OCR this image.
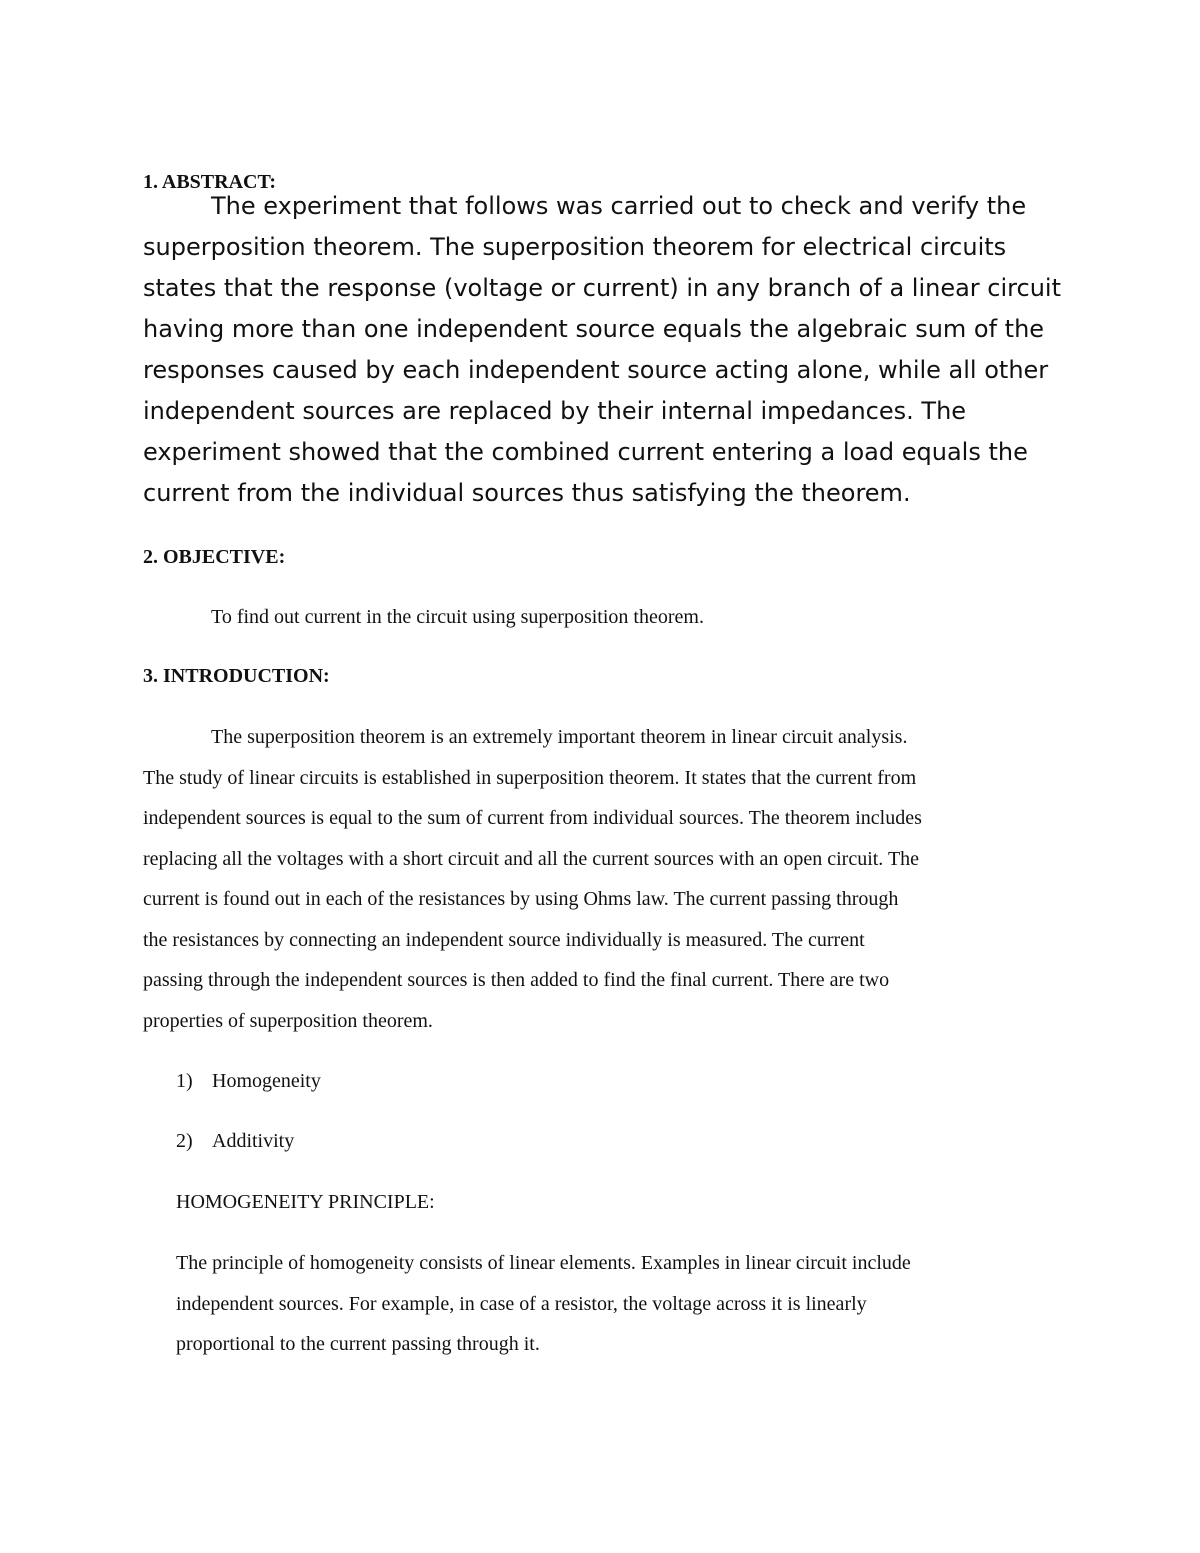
1. ABSTRACT:
The experiment that follows was carried out to check and verify the
superposition theorem. The superposition theorem for electrical circuits
states that the response (voltage or current) in any branch of a linear circuit
having more than one independent source equals the algebraic sum of the
responses caused by each independent source acting alone, while all other
independent sources are replaced by their internal impedances. The
experiment showed that the combined current entering a load equals the
current from the individual sources thus satisfying the theorem.
2. OBJECTIVE:
To find out current in the circuit using superposition theorem.
3. INTRODUCTION:
The superposition theorem is an extremely important theorem in linear circuit analysis.
The study of linear circuits is established in superposition theorem. It states that the current from
independent sources is equal to the sum of current from individual sources. The theorem includes
replacing all the voltages with a short circuit and all the current sources with an open circuit. The
current is found out in each of the resistances by using Ohms law. The current passing through
the resistances by connecting an independent source individually is measured. The current
passing through the independent sources is then added to find the final current. There are two
properties of superposition theorem.
1) Homogeneity
2) Additivity
HOMOGENEITY PRINCIPLE:
The principle of homogeneity consists of linear elements. Examples in linear circuit include
independent sources. For example, in case of a resistor, the voltage across it is linearly
proportional to the current passing through it.
